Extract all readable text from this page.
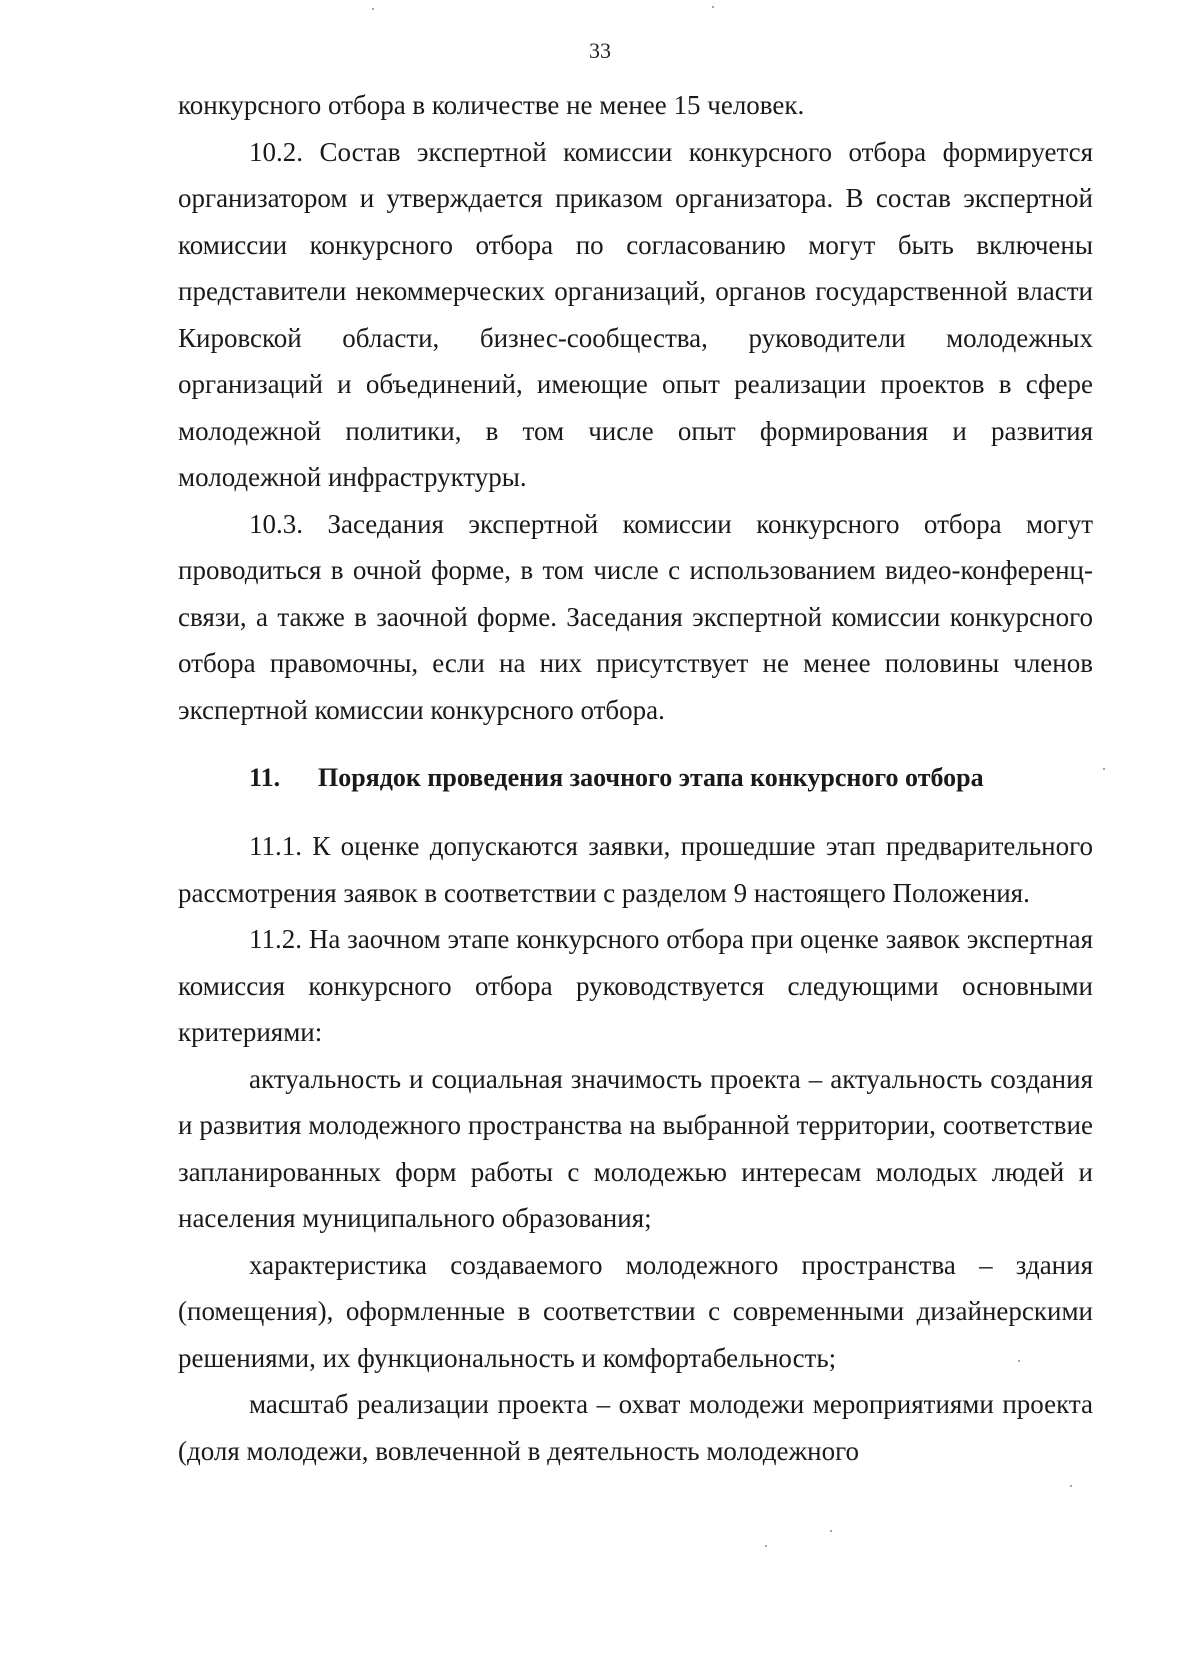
33

конкурсного отбора в количестве не менее 15 человек.

10.2. Состав экспертной комиссии конкурсного отбора формируется организатором и утверждается приказом организатора. В состав экспертной комиссии конкурсного отбора по согласованию могут быть включены представители некоммерческих организаций, органов государственной власти Кировской области, бизнес-сообщества, руководители молодежных организаций и объединений, имеющие опыт реализации проектов в сфере молодежной политики, в том числе опыт формирования и развития молодежной инфраструктуры.

10.3. Заседания экспертной комиссии конкурсного отбора могут проводиться в очной форме, в том числе с использованием видео-конференц-связи, а также в заочной форме. Заседания экспертной комиссии конкурсного отбора правомочны, если на них присутствует не менее половины членов экспертной комиссии конкурсного отбора.

11. Порядок проведения заочного этапа конкурсного отбора

11.1. К оценке допускаются заявки, прошедшие этап предварительного рассмотрения заявок в соответствии с разделом 9 настоящего Положения.

11.2. На заочном этапе конкурсного отбора при оценке заявок экспертная комиссия конкурсного отбора руководствуется следующими основными критериями:

актуальность и социальная значимость проекта – актуальность создания и развития молодежного пространства на выбранной территории, соответствие запланированных форм работы с молодежью интересам молодых людей и населения муниципального образования;

характеристика создаваемого молодежного пространства – здания (помещения), оформленные в соответствии с современными дизайнерскими решениями, их функциональность и комфортабельность;

масштаб реализации проекта – охват молодежи мероприятиями проекта (доля молодежи, вовлеченной в деятельность молодежного
